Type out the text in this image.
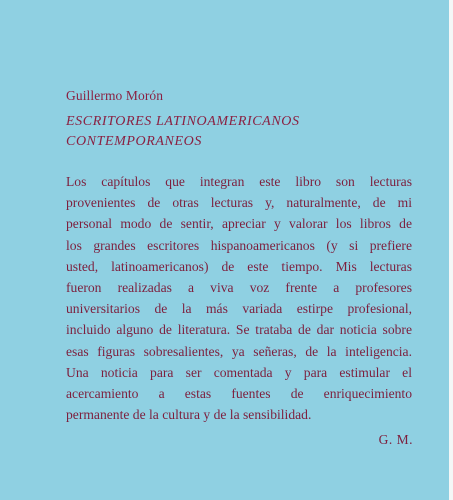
Guillermo Morón
ESCRITORES LATINOAMERICANOS
CONTEMPORANEOS
Los capítulos que integran este libro son lecturas
provenientes de otras lecturas y, naturalmente, de mi
personal modo de sentir, apreciar y valorar los libros de
los grandes escritores hispanoamericanos (y si prefiere
usted, latinoamericanos) de este tiempo. Mis lecturas
fueron realizadas a viva voz frente a profesores
universitarios de la más variada estirpe profesional,
incluido alguno de literatura. Se trataba de dar noticia sobre
esas figuras sobresalientes, ya señeras, de la inteligencia.
Una noticia para ser comentada y para estimular el
acercamiento a estas fuentes de enriquecimiento
permanente de la cultura y de la sensibilidad.
G. M.
